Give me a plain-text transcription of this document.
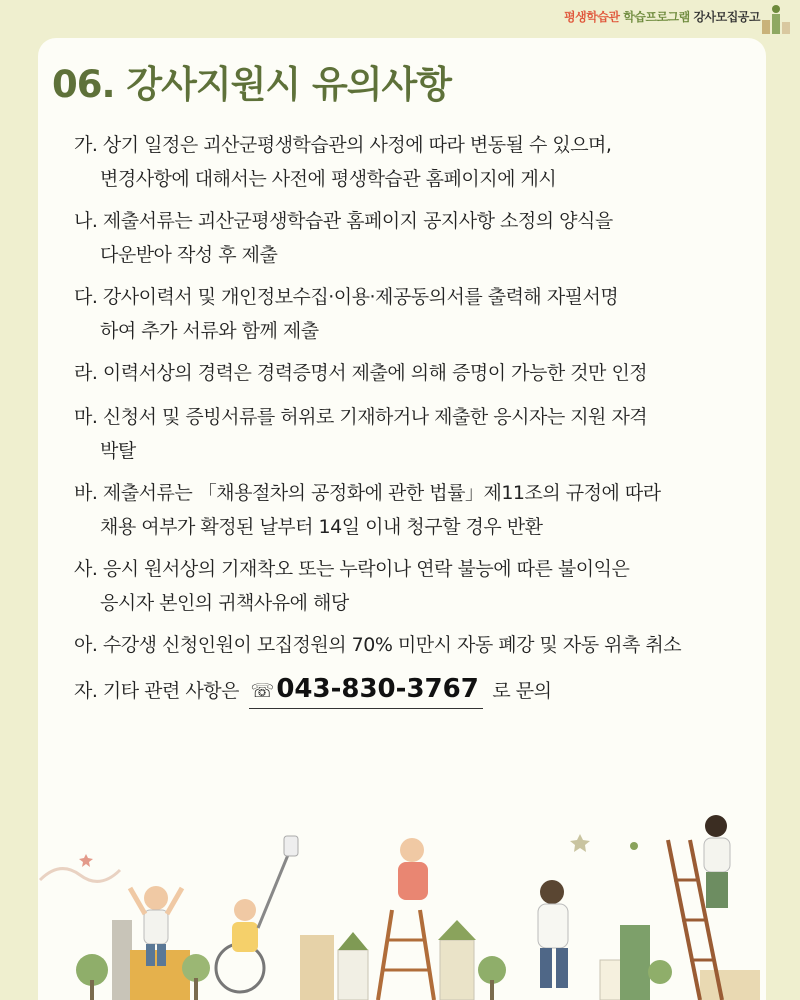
평생학습관 학습프로그램 강사모집공고
06. 강사지원시 유의사항
가. 상기 일정은 괴산군평생학습관의 사정에 따라 변동될 수 있으며,
변경사항에 대해서는 사전에 평생학습관 홈페이지에 게시
나. 제출서류는 괴산군평생학습관 홈페이지 공지사항 소정의 양식을
다운받아 작성 후 제출
다. 강사이력서 및 개인정보수집·이용·제공동의서를 출력해 자필서명
하여 추가 서류와 함께 제출
라. 이력서상의 경력은 경력증명서 제출에 의해 증명이 가능한 것만 인정
마. 신청서 및 증빙서류를 허위로 기재하거나 제출한 응시자는 지원 자격
박탈
바. 제출서류는 「채용절차의 공정화에 관한 법률」제11조의 규정에 따라
채용 여부가 확정된 날부터 14일 이내 청구할 경우 반환
사. 응시 원서상의 기재착오 또는 누락이나 연락 불능에 따른 불이익은
응시자 본인의 귀책사유에 해당
아. 수강생 신청인원이 모집정원의 70% 미만시 자동 폐강 및 자동 위촉 취소
자. 기타 관련 사항은 ☏043-830-3767 로 문의
